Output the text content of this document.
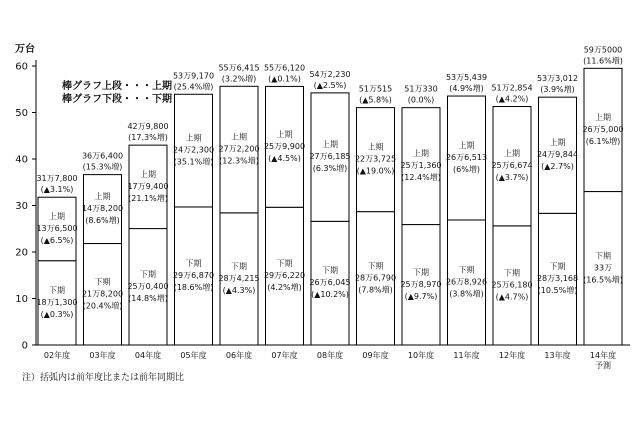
万台
0
10
20
30
40
50
60
31万7,800
(▲3.1%)
上期
13万6,500
(▲6.5%)
下期
18万1,300
(▲0.3%)
36万6,400
(15.3%増)
上期
14万8,200
(8.6%増)
下期
21万8,200
(20.4%増)
42万9,800
(17.3%増)
上期
17万9,400
(21.1%増)
下期
25万0,400
(14.8%増)
53万9,170
(25.4%増)
上期
24万2,300
(35.1%増)
下期
29万6,870
(18.6%増)
55万6,415
(3.2%増)
上期
27万2,200
(12.3%増)
下期
28万4,215
(▲4.3%)
55万6,120
(▲0.1%)
上期
25万9,900
(▲4.5%)
下期
29万6,220
(4.2%増)
54万2,230
(▲2.5%)
上期
27万6,185
(6.3%増)
下期
26万6,045
(▲10.2%)
51万515
(▲5.8%)
上期
22万3,725
(▲19.0%)
下期
28万6,790
(7.8%増)
51万330
(0.0%)
上期
25万1,360
(12.4%増)
下期
25万8,970
(▲9.7%)
53万5,439
(4.9%増)
上期
26万6,513
(6%増)
下期
26万8,926
(3.8%増)
51万2,854
(▲4.2%)
上期
25万6,674
(▲3.7%)
下期
25万6,180
(▲4.7%)
53万3,012
(3.9%増)
上期
24万9,844
(▲2.7%)
下期
28万3,168
(10.5%増)
59万5000
(11.6%増)
上期
26万5,000
(6.1%増)
下期
33万
(16.5%増)
02年度 03年度 04年度 05年度 06年度 07年度 08年度 09年度 10年度 11年度 12年度 13年度 14年度
予測
棒グラフ上段・・・上期
棒グラフ下段・・・下期
注）括弧内は前年度比または前年同期比
